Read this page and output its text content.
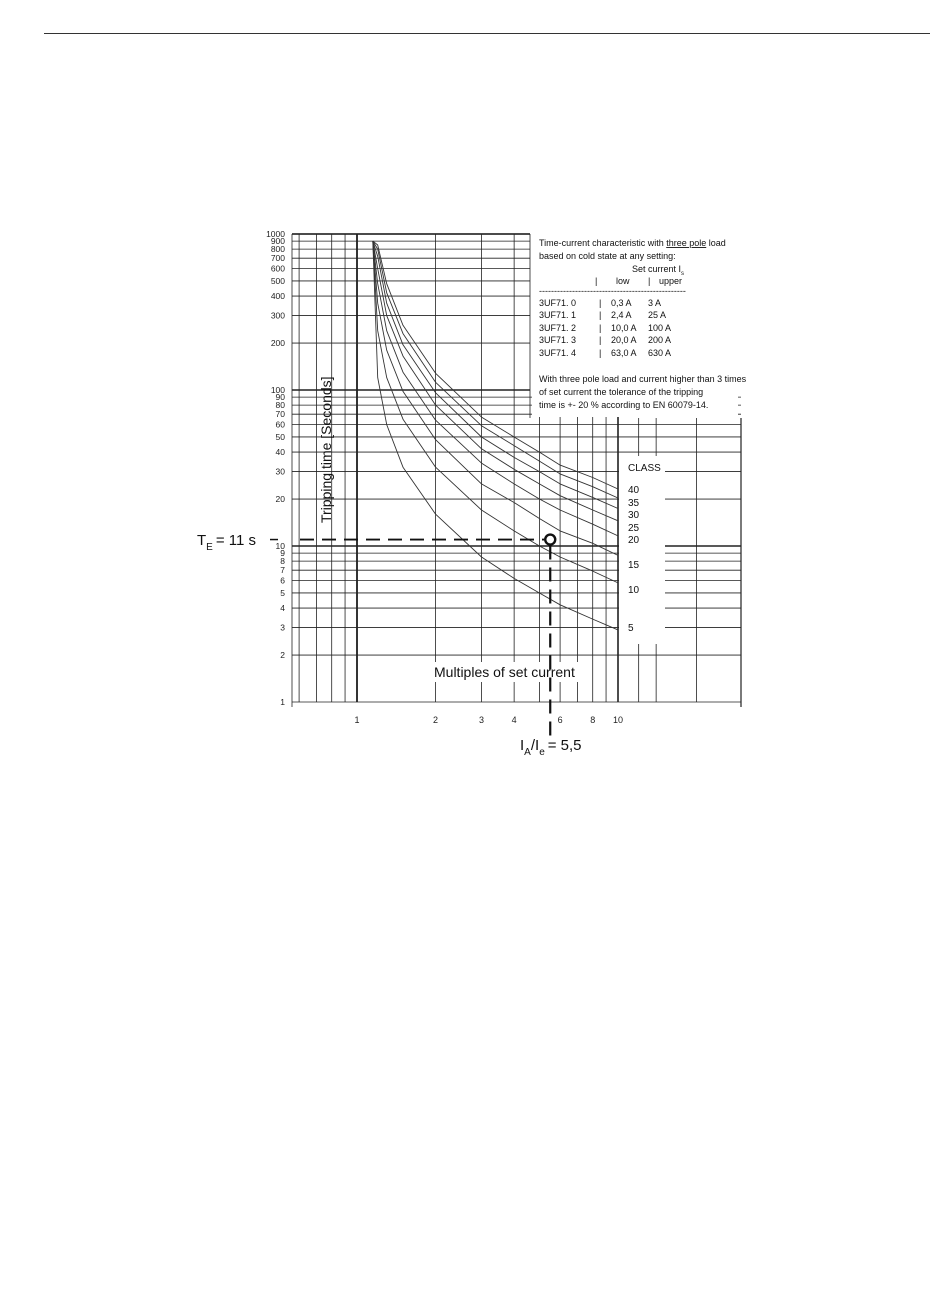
1
2
3
4
5
6
7
8
9
10
20
30
40
50
60
70
80
90
100
200
300
400
500
600
700
800
900
1000
1	2	3	4	6	8 10
Tripping time [Seconds]
Multiples of set current
CLASS
40
35
30
25
20
15
10
5
Time-current characteristic with three pole load
based on cold state at any setting:
Set current $I_s$
| low | upper
-------------------------------------------------
3UF71. 0	| 0,3 A 3 A
3UF71. 1	| 2,4 A 25 A
3UF71. 2	| 10,0 A 100 A
3UF71. 3	| 20,0 A 200 A
3UF71. 4	| 63,0 A 630 A
With three pole load and current higher than 3 times
of set current the tolerance of the tripping
time is +- 20 % according to EN 60079-14.
$T_E = 11$ s
$I_A/I_e = 5,5$
